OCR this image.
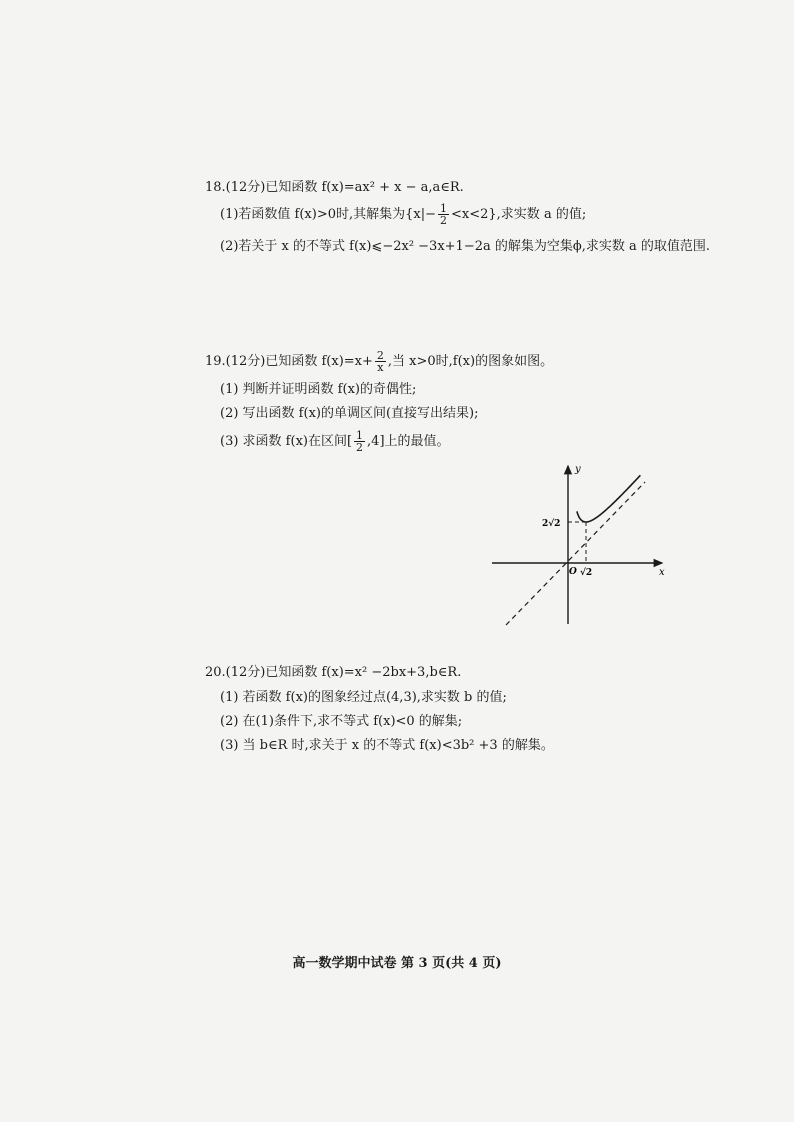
18.(12分)已知函数 f(x)=ax² + x − a,a∈R.
(1)若函数值 f(x)>0时,其解集为$\{x|- \frac{1}{2} <x<2\}$,求实数 a 的值;
(2)若关于 x 的不等式 f(x)⩽−2x² −3x+1−2a 的解集为空集ϕ,求实数 a 的取值范围.
19.(12分)已知函数 $f(x)=x+ \frac{2}{x}$ ,当 x>0时,f(x)的图象如图。
(1) 判断并证明函数 f(x)的奇偶性;
(2) 写出函数 f(x)的单调区间(直接写出结果);
(3) 求函数 f(x)在区间[ $\frac{1}{2} ,4$]上的最值。
y
x
O
2√2
√2
20.(12分)已知函数 f(x)=x² −2bx+3,b∈R.
(1) 若函数 f(x)的图象经过点(4,3),求实数 b 的值;
(2) 在(1)条件下,求不等式 f(x)<0 的解集;
(3) 当 b∈R 时,求关于 x 的不等式 f(x)<3b² +3 的解集。
高一数学期中试卷 第 3 页(共 4 页)
